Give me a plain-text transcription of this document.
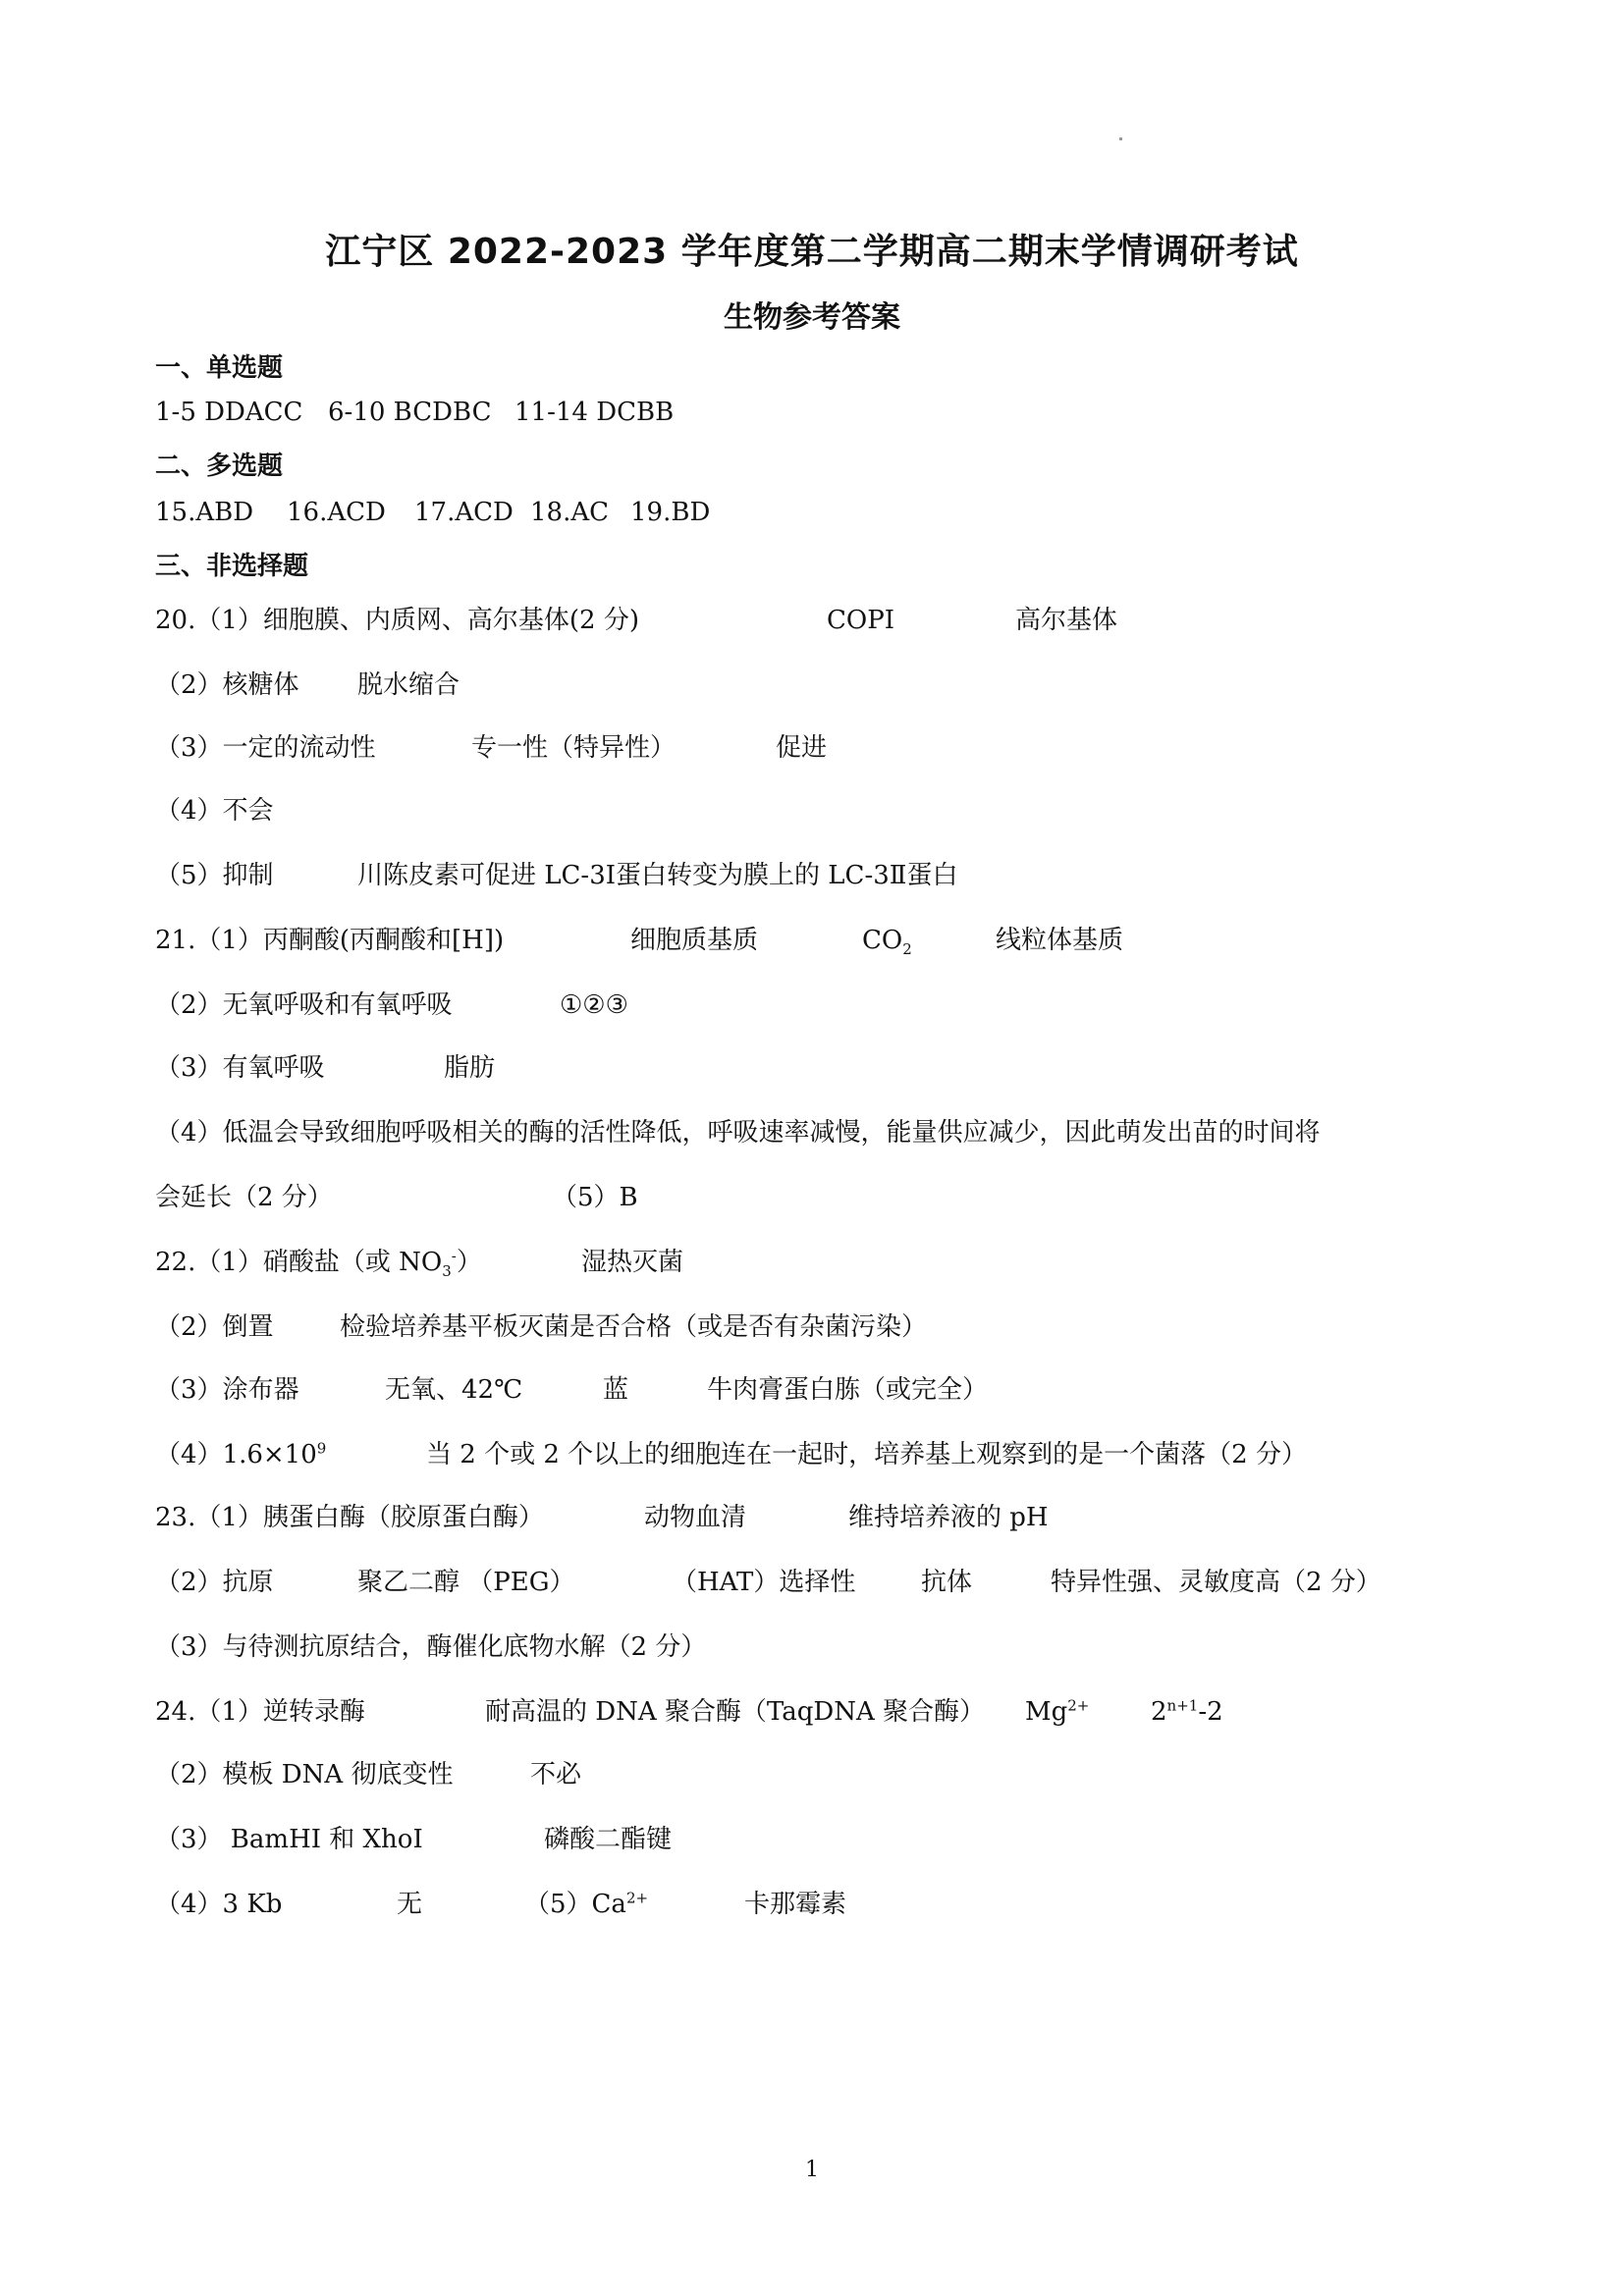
江宁区 2022-2023 学年度第二学期高二期末学情调研考试
生物参考答案
一、单选题

1-5 DDACC

6-10 BCDBC

11-14 DCBB

二、多选题

15.ABD

16.ACD

17.ACD

18.AC

19.BD

三、非选择题

20.（1）细胞膜、内质网、高尔基体(2 分)

	COPⅠ

	高尔基体

（2）核糖体

脱水缩合

（3）一定的流动性

	专一性（特异性）

	促进

（4）不会

（5）抑制

	川陈皮素可促进 LC-3Ⅰ蛋白转变为膜上的 LC-3Ⅱ蛋白

21.（1）丙酮酸(丙酮酸和[H])

	细胞质基质

	$CO_2$

	线粒体基质

（2）无氧呼吸和有氧呼吸

	①②③

（3）有氧呼吸

	脂肪

（4）低温会导致细胞呼吸相关的酶的活性降低，呼吸速率减慢，能量供应减少，因此萌发出苗的时间将

会延长（2 分）

	（5）B

22.（1）硝酸盐（或 $NO_3^-$）

	湿热灭菌

（2）倒置

	检验培养基平板灭菌是否合格（或是否有杂菌污染）

（3）涂布器

	无氧、42℃

	蓝

	牛肉膏蛋白胨（或完全）

$(4)1.6\times 10^9$

	当 2 个或 2 个以上的细胞连在一起时，培养基上观察到的是一个菌落（2 分）

23.（1）胰蛋白酶（胶原蛋白酶）

	动物血清

	维持培养液的 pH

（2）抗原

	聚乙二醇 （PEG）

	（HAT）选择性

	抗体

	特异性强、灵敏度高（2 分）

（3）与待测抗原结合，酶催化底物水解（2 分）

24.（1）逆转录酶

	耐高温的 DNA 聚合酶（TaqDNA 聚合酶）

$Mg^{2+}$

$2^{n+1}-2$

（2）模板 DNA 彻底变性

	不必

（3） BamHI 和 XhoI

	磷酸二酯键

（4）3 Kb

	无

	$(5)Ca^{2+}$

	卡那霉素

1
